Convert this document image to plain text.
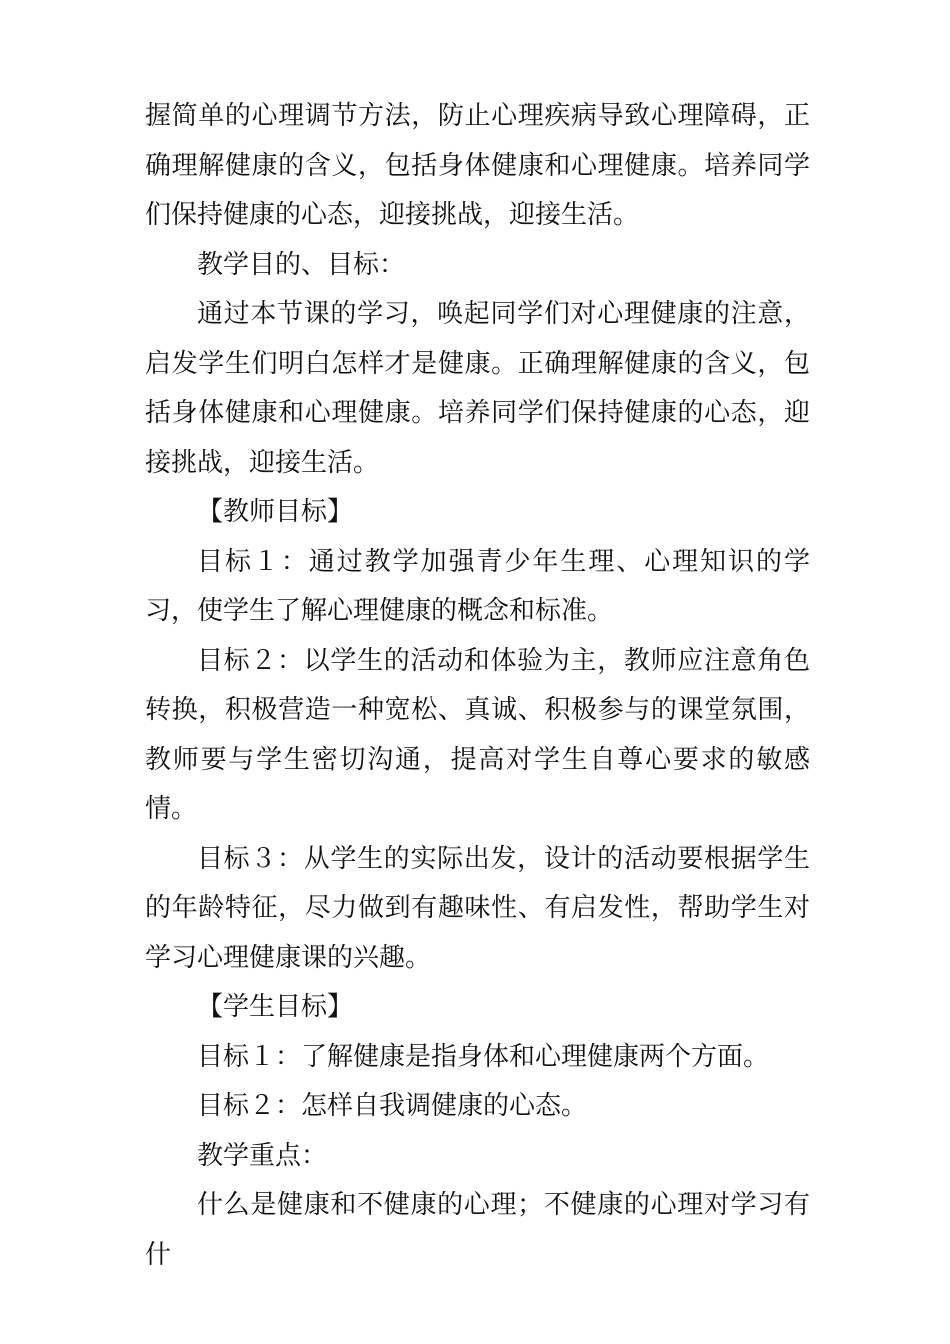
握简单的心理调节方法，防止心理疾病导致心理障碍，正确理解健康的含义，包括身体健康和心理健康。培养同学们保持健康的心态，迎接挑战，迎接生活。

教学目的、目标：

通过本节课的学习，唤起同学们对心理健康的注意，启发学生们明白怎样才是健康。正确理解健康的含义，包括身体健康和心理健康。培养同学们保持健康的心态，迎接挑战，迎接生活。

【教师目标】

目标１：通过教学加强青少年生理、心理知识的学习，使学生了解心理健康的概念和标准。

目标２：以学生的活动和体验为主，教师应注意角色转换，积极营造一种宽松、真诚、积极参与的课堂氛围，教师要与学生密切沟通，提高对学生自尊心要求的敏感情。

目标３：从学生的实际出发，设计的活动要根据学生的年龄特征，尽力做到有趣味性、有启发性，帮助学生对学习心理健康课的兴趣。

【学生目标】

目标１：了解健康是指身体和心理健康两个方面。

目标２：怎样自我调健康的心态。

教学重点：

什么是健康和不健康的心理；不健康的心理对学习有什
